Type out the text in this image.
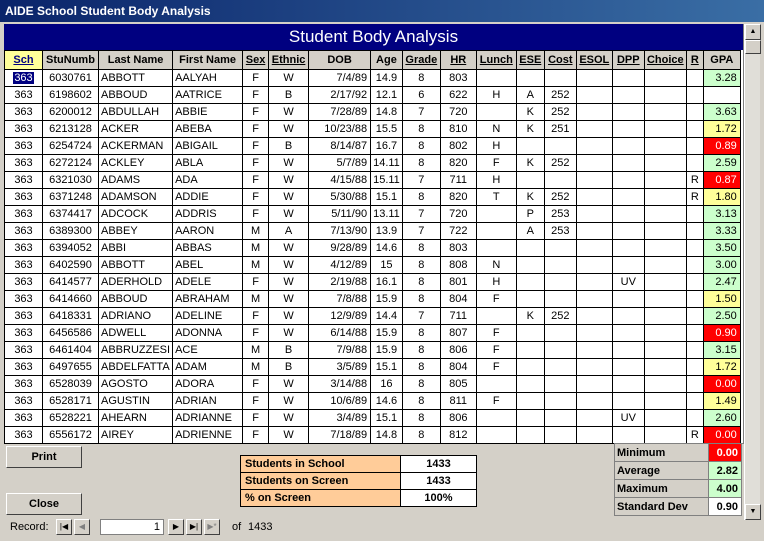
AIDE School Student Body Analysis
Student Body Analysis
Sch	StuNumb	Last Name	First Name	Sex	Ethnic	DOB	Age	Grade	HR	Lunch	ESE	Cost	ESOL	DPP	Choice	R	GPA
363	6030761	ABBOTT	AALYAH	F	W	7/4/89	14.9	8	803								3.28
363	6198602	ABBOUD	AATRICE	F	B	2/17/92	12.1	6	622	H	A	252					
363	6200012	ABDULLAH	ABBIE	F	W	7/28/89	14.8	7	720		K	252					3.63
363	6213128	ACKER	ABEBA	F	W	10/23/88	15.5	8	810	N	K	251					1.72
363	6254724	ACKERMAN	ABIGAIL	F	B	8/14/87	16.7	8	802	H							0.89
363	6272124	ACKLEY	ABLA	F	W	5/7/89	14.11	8	820	F	K	252					2.59
363	6321030	ADAMS	ADA	F	W	4/15/88	15.11	7	711	H						R	0.87
363	6371248	ADAMSON	ADDIE	F	W	5/30/88	15.1	8	820	T	K	252				R	1.80
363	6374417	ADCOCK	ADDRIS	F	W	5/11/90	13.11	7	720		P	253					3.13
363	6389300	ABBEY	AARON	M	A	7/13/90	13.9	7	722		A	253					3.33
363	6394052	ABBI	ABBAS	M	W	9/28/89	14.6	8	803								3.50
363	6402590	ABBOTT	ABEL	M	W	4/12/89	15	8	808	N							3.00
363	6414577	ADERHOLD	ADELE	F	W	2/19/88	16.1	8	801	H				UV			2.47
363	6414660	ABBOUD	ABRAHAM	M	W	7/8/88	15.9	8	804	F							1.50
363	6418331	ADRIANO	ADELINE	F	W	12/9/89	14.4	7	711		K	252					2.50
363	6456586	ADWELL	ADONNA	F	W	6/14/88	15.9	8	807	F							0.90
363	6461404	ABBRUZZESI	ACE	M	B	7/9/88	15.9	8	806	F							3.15
363	6497655	ABDELFATTA	ADAM	M	B	3/5/89	15.1	8	804	F							1.72
363	6528039	AGOSTO	ADORA	F	W	3/14/88	16	8	805								0.00
363	6528171	AGUSTIN	ADRIAN	F	W	10/6/89	14.6	8	811	F							1.49
363	6528221	AHEARN	ADRIANNE	F	W	3/4/89	15.1	8	806					UV			2.60
363	6556172	AIREY	ADRIENNE	F	W	7/18/89	14.8	8	812							R	0.00
▲
▼
Print
Close
Students in School	1433
Students on Screen	1433
% on Screen	100%
Minimum	0.00
Average	2.82
Maximum	4.00
Standard Dev	0.90
Record:	|◀	◀	1	▶	▶|	▶*	of 1433
